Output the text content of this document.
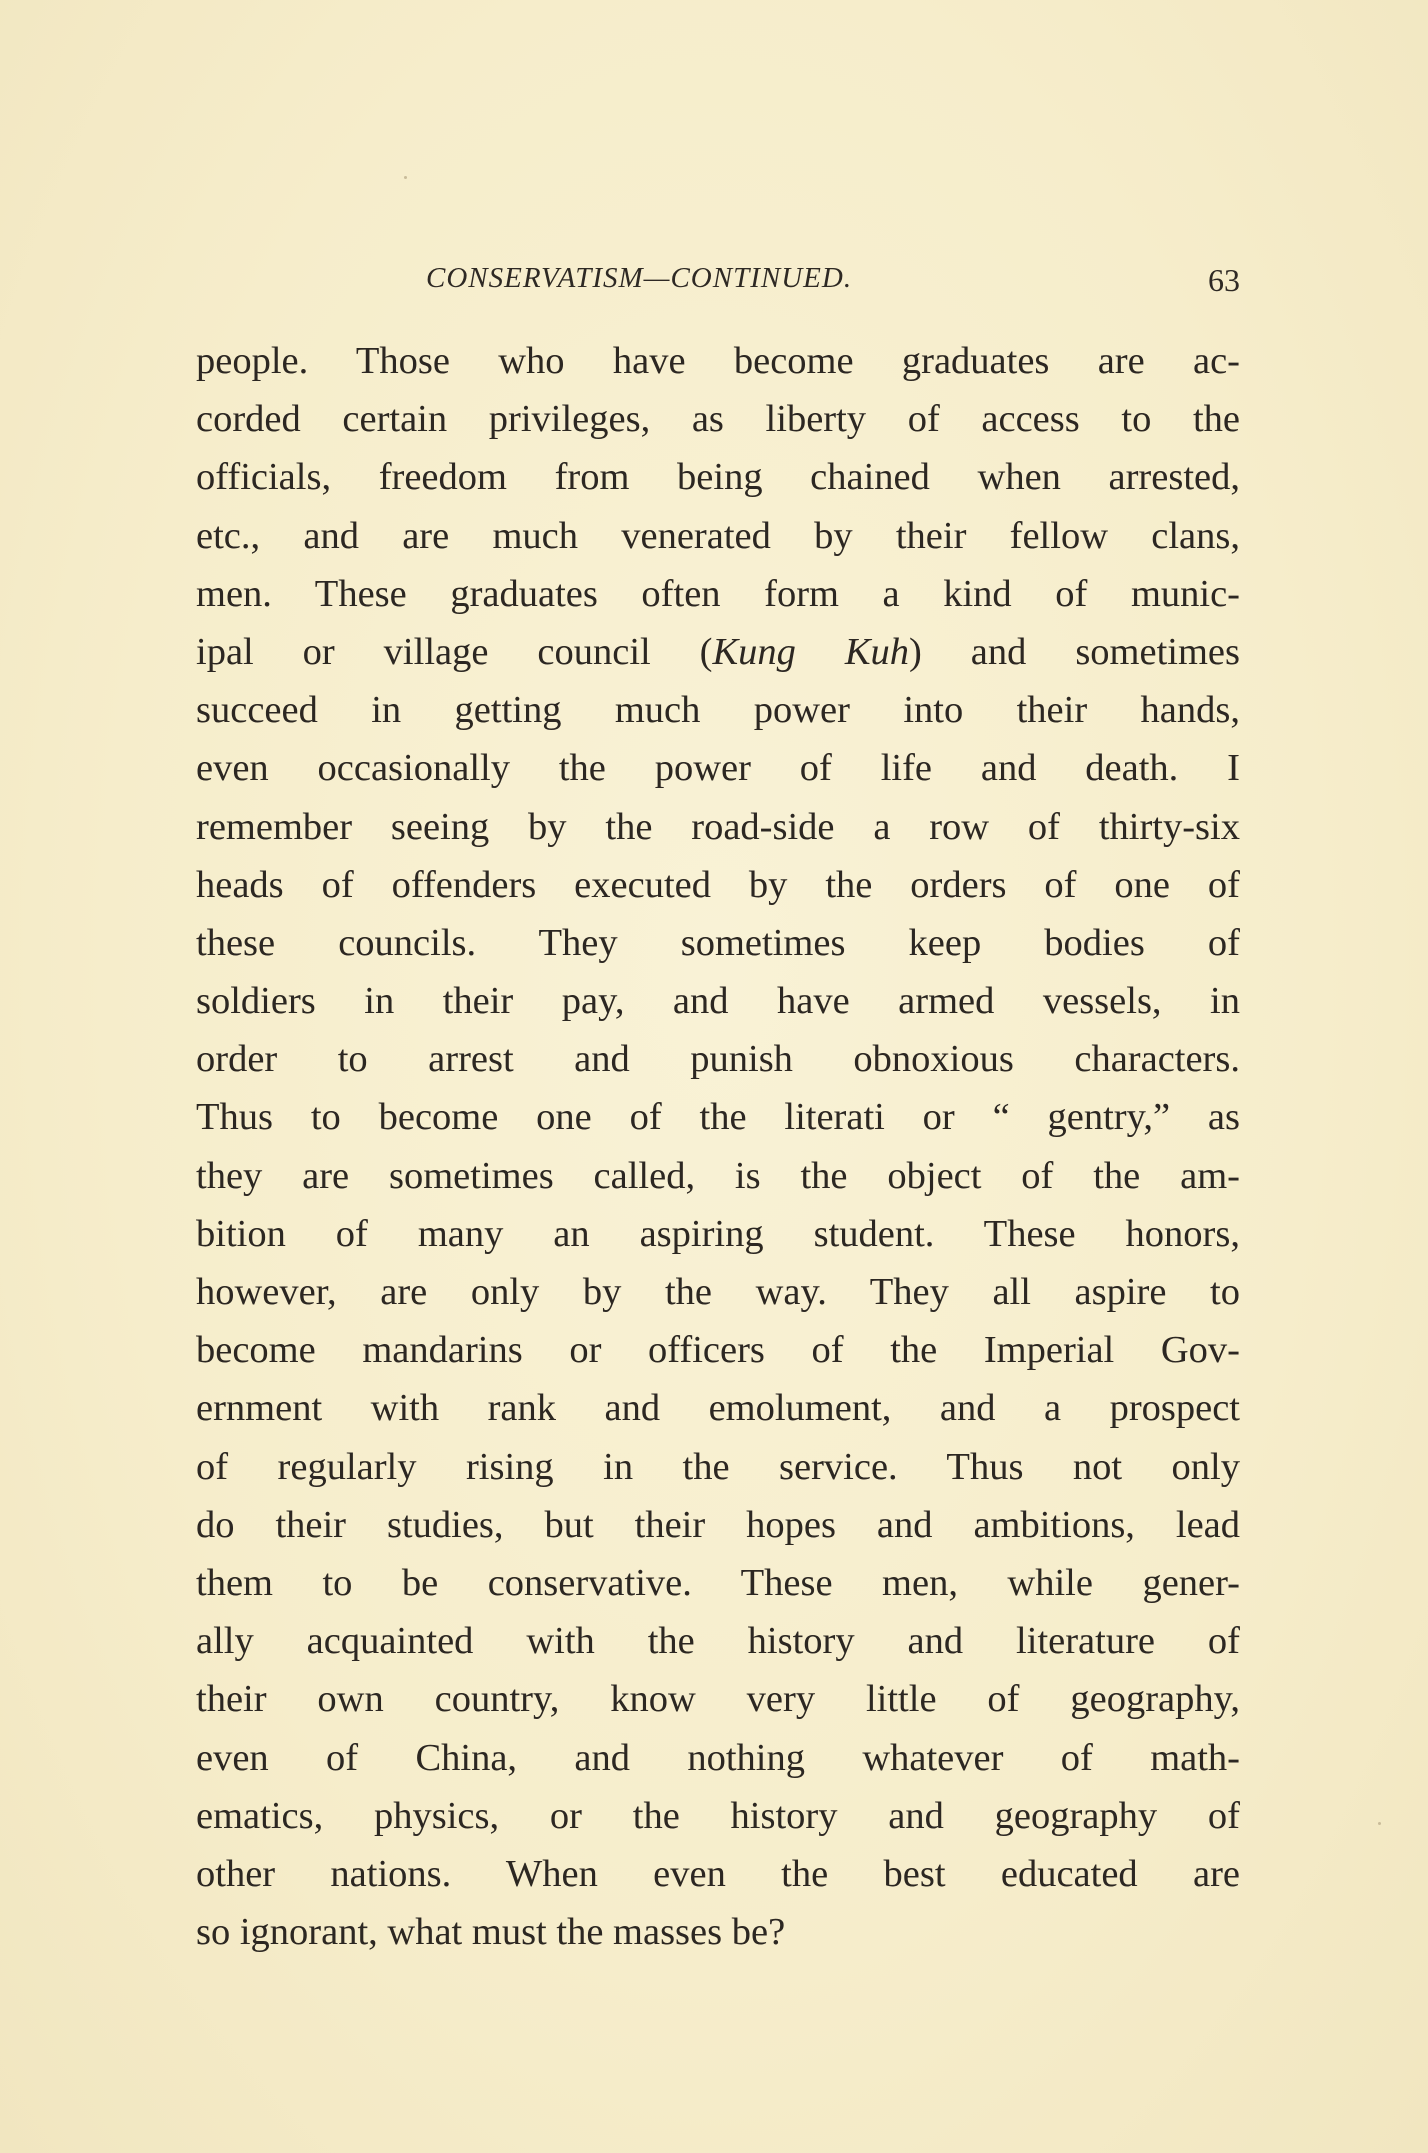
CONSERVATISM—CONTINUED.	63
people. Those who have become graduates are ac-
corded certain privileges, as liberty of access to the
officials, freedom from being chained when arrested,
etc., and are much venerated by their fellow clans,
men. These graduates often form a kind of munic-
ipal or village council (Kung Kuh) and sometimes
succeed in getting much power into their hands,
even occasionally the power of life and death. I
remember seeing by the road-side a row of thirty-six
heads of offenders executed by the orders of one of
these councils. They sometimes keep bodies of
soldiers in their pay, and have armed vessels, in
order to arrest and punish obnoxious characters.
Thus to become one of the literati or “ gentry,” as
they are sometimes called, is the object of the am-
bition of many an aspiring student. These honors,
however, are only by the way. They all aspire to
become mandarins or officers of the Imperial Gov-
ernment with rank and emolument, and a prospect
of regularly rising in the service. Thus not only
do their studies, but their hopes and ambitions, lead
them to be conservative. These men, while gener-
ally acquainted with the history and literature of
their own country, know very little of geography,
even of China, and nothing whatever of math-
ematics, physics, or the history and geography of
other nations. When even the best educated are
so ignorant, what must the masses be?
